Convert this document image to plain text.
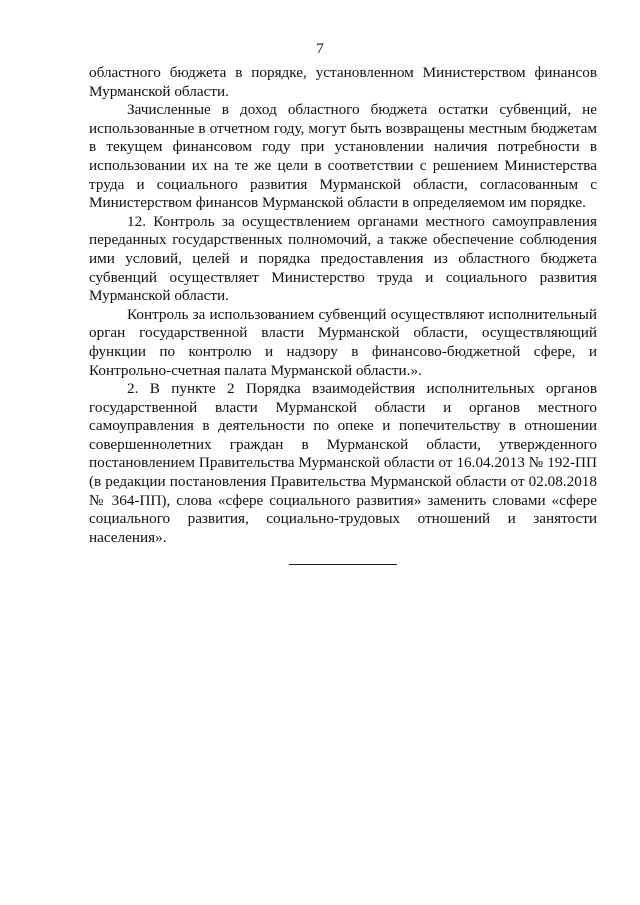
7

областного бюджета в порядке, установленном Министерством финансов Мурманской области.

Зачисленные в доход областного бюджета остатки субвенций, не использованные в отчетном году, могут быть возвращены местным бюджетам в текущем финансовом году при установлении наличия потребности в использовании их на те же цели в соответствии с решением Министерства труда и социального развития Мурманской области, согласованным с Министерством финансов Мурманской области в определяемом им порядке.

12. Контроль за осуществлением органами местного самоуправления переданных государственных полномочий, а также обеспечение соблюдения ими условий, целей и порядка предоставления из областного бюджета субвенций осуществляет Министерство труда и социального развития Мурманской области.

Контроль за использованием субвенций осуществляют исполнительный орган государственной власти Мурманской области, осуществляющий функции по контролю и надзору в финансово-бюджетной сфере, и Контрольно-счетная палата Мурманской области.».

2. В пункте 2 Порядка взаимодействия исполнительных органов государственной власти Мурманской области и органов местного самоуправления в деятельности по опеке и попечительству в отношении совершеннолетних граждан в Мурманской области, утвержденного постановлением Правительства Мурманской области от 16.04.2013 № 192-ПП (в редакции постановления Правительства Мурманской области от 02.08.2018 № 364-ПП), слова «сфере социального развития» заменить словами «сфере социального развития, социально-трудовых отношений и занятости населения».
